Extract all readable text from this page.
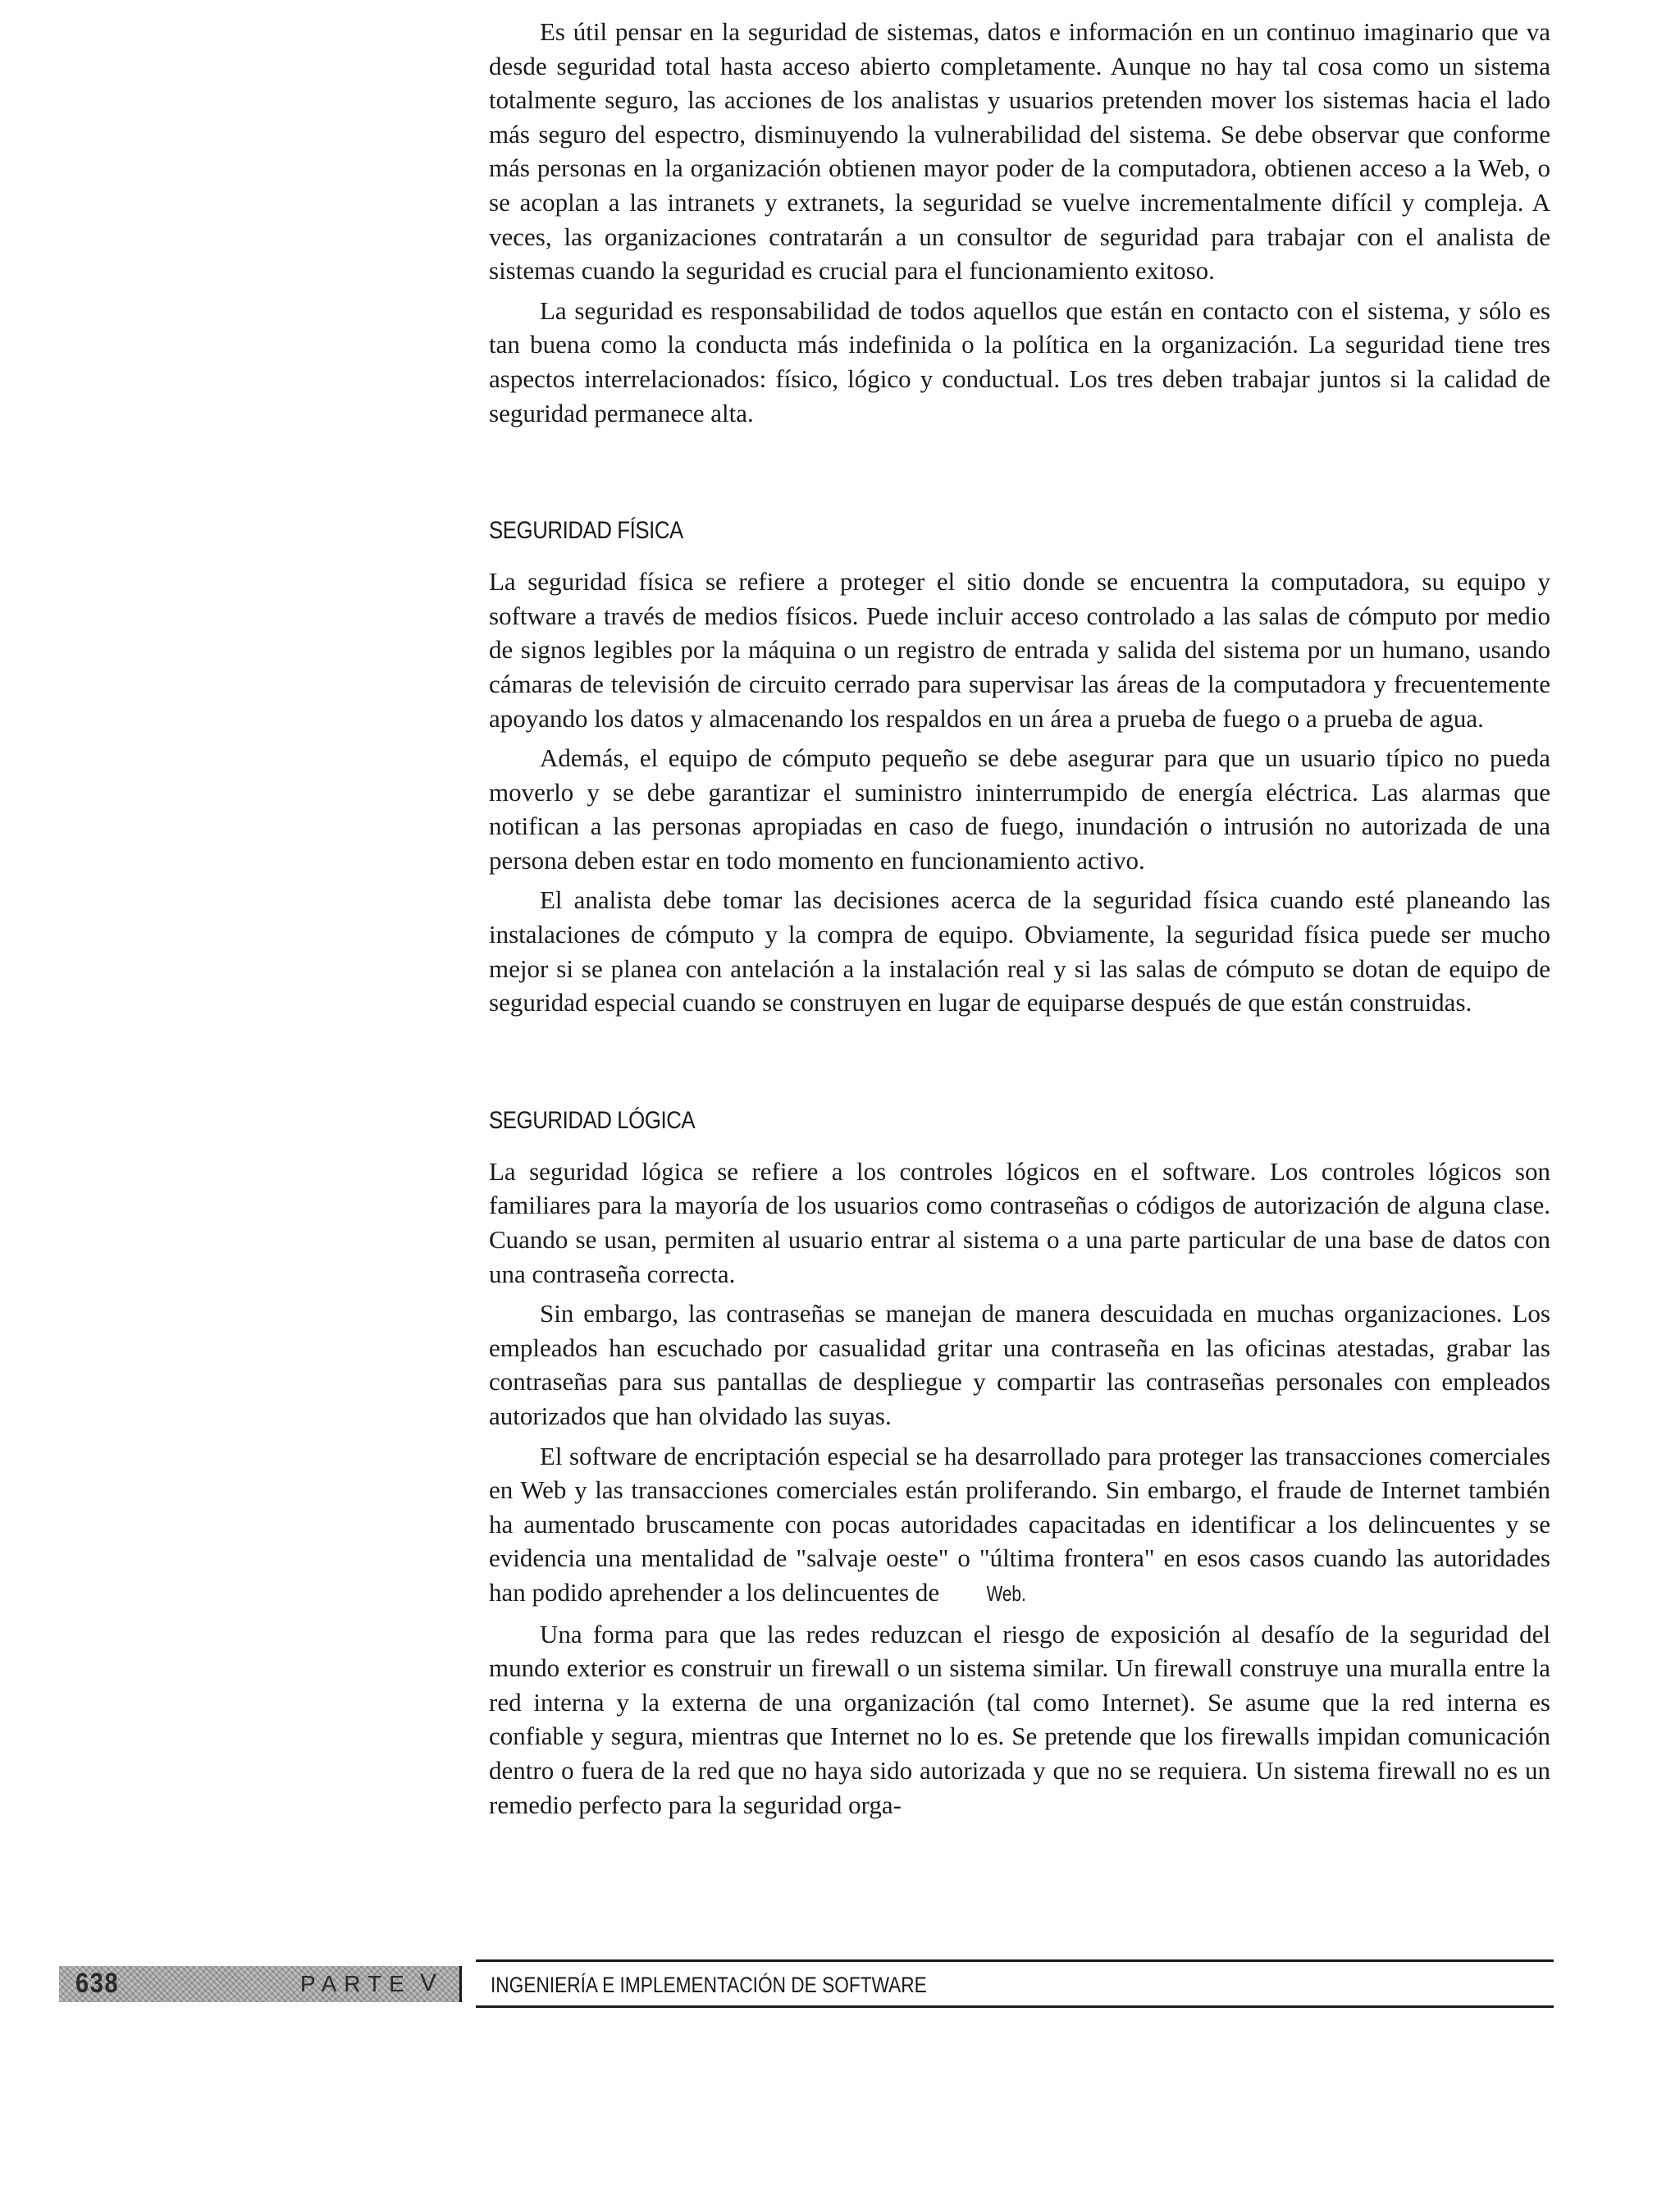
Es útil pensar en la seguridad de sistemas, datos e información en un continuo imaginario que va desde seguridad total hasta acceso abierto completamente. Aunque no hay tal cosa como un sistema totalmente seguro, las acciones de los analistas y usuarios pretenden mover los sistemas hacia el lado más seguro del espectro, disminuyendo la vulnerabilidad del sistema. Se debe observar que conforme más personas en la organización obtienen mayor poder de la computadora, obtienen acceso a la Web, o se acoplan a las intranets y extranets, la seguridad se vuelve incrementalmente difícil y compleja. A veces, las organizaciones contratarán a un consultor de seguridad para trabajar con el analista de sistemas cuando la seguridad es crucial para el funcionamiento exitoso.

La seguridad es responsabilidad de todos aquellos que están en contacto con el sistema, y sólo es tan buena como la conducta más indefinida o la política en la organización. La seguridad tiene tres aspectos interrelacionados: físico, lógico y conductual. Los tres deben trabajar juntos si la calidad de seguridad permanece alta.

SEGURIDAD FÍSICA

La seguridad física se refiere a proteger el sitio donde se encuentra la computadora, su equipo y software a través de medios físicos. Puede incluir acceso controlado a las salas de cómputo por medio de signos legibles por la máquina o un registro de entrada y salida del sistema por un humano, usando cámaras de televisión de circuito cerrado para supervisar las áreas de la computadora y frecuentemente apoyando los datos y almacenando los respaldos en un área a prueba de fuego o a prueba de agua.

Además, el equipo de cómputo pequeño se debe asegurar para que un usuario típico no pueda moverlo y se debe garantizar el suministro ininterrumpido de energía eléctrica. Las alarmas que notifican a las personas apropiadas en caso de fuego, inundación o intrusión no autorizada de una persona deben estar en todo momento en funcionamiento activo.

El analista debe tomar las decisiones acerca de la seguridad física cuando esté planeando las instalaciones de cómputo y la compra de equipo. Obviamente, la seguridad física puede ser mucho mejor si se planea con antelación a la instalación real y si las salas de cómputo se dotan de equipo de seguridad especial cuando se construyen en lugar de equiparse después de que están construidas.

SEGURIDAD LÓGICA

La seguridad lógica se refiere a los controles lógicos en el software. Los controles lógicos son familiares para la mayoría de los usuarios como contraseñas o códigos de autorización de alguna clase. Cuando se usan, permiten al usuario entrar al sistema o a una parte particular de una base de datos con una contraseña correcta.

Sin embargo, las contraseñas se manejan de manera descuidada en muchas organizaciones. Los empleados han escuchado por casualidad gritar una contraseña en las oficinas atestadas, grabar las contraseñas para sus pantallas de despliegue y compartir las contraseñas personales con empleados autorizados que han olvidado las suyas.

El software de encriptación especial se ha desarrollado para proteger las transacciones comerciales en Web y las transacciones comerciales están proliferando. Sin embargo, el fraude de Internet también ha aumentado bruscamente con pocas autoridades capacitadas en identificar a los delincuentes y se evidencia una mentalidad de "salvaje oeste" o "última frontera" en esos casos cuando las autoridades han podido aprehender a los delincuentes de Web.

Una forma para que las redes reduzcan el riesgo de exposición al desafío de la seguridad del mundo exterior es construir un firewall o un sistema similar. Un firewall construye una muralla entre la red interna y la externa de una organización (tal como Internet). Se asume que la red interna es confiable y segura, mientras que Internet no lo es. Se pretende que los firewalls impidan comunicación dentro o fuera de la red que no haya sido autorizada y que no se requiera. Un sistema firewall no es un remedio perfecto para la seguridad orga-

638	PARTE V INGENIERÍA E IMPLEMENTACIÓN DE SOFTWARE
